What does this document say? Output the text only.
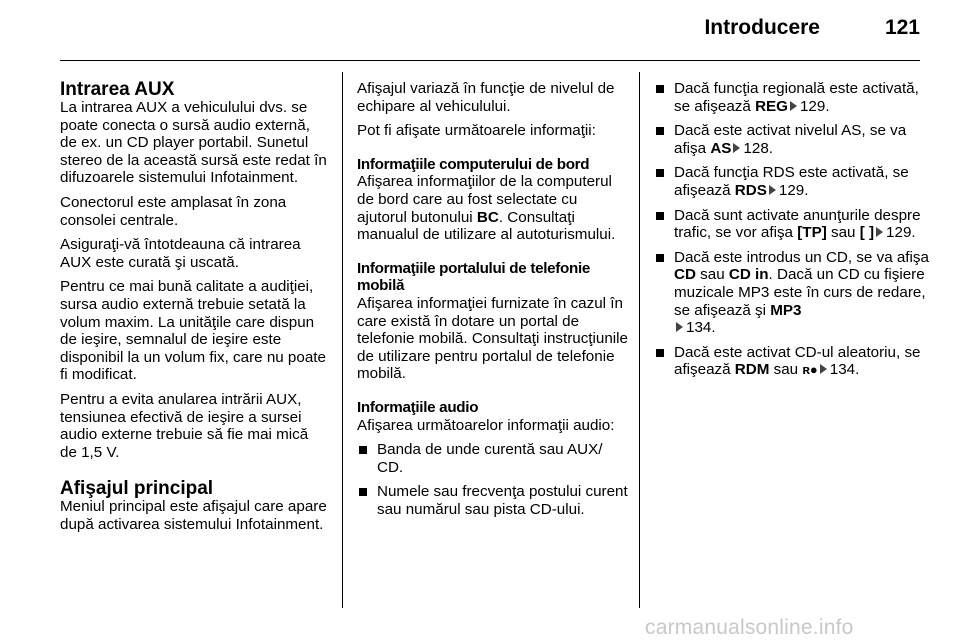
Introducere	121
Intrarea AUX

La intrarea AUX a vehiculului dvs. se poate conecta o sursă audio externă, de ex. un CD player portabil. Sunetul stereo de la această sursă este redat în difuzoarele sistemului Infotainment.

Conectorul este amplasat în zona consolei centrale.

Asiguraţi-vă întotdeauna că intrarea AUX este curată şi uscată.

Pentru ce mai bună calitate a audiţiei, sursa audio externă trebuie setată la volum maxim. La unităţile care dispun de ieşire, semnalul de ieşire este disponibil la un volum fix, care nu poate fi modificat.

Pentru a evita anularea intrării AUX, tensiunea efectivă de ieşire a sursei audio externe trebuie să fie mai mică de 1,5 V.

Afişajul principal

Meniul principal este afişajul care apare după activarea sistemului Infotainment.

Afişajul variază în funcţie de nivelul de echipare al vehiculului.

Pot fi afişate următoarele informaţii:

Informaţiile computerului de bord

Afişarea informaţiilor de la computerul de bord care au fost selectate cu ajutorul butonului BC. Consultaţi manualul de utilizare al autoturismului.

Informaţiile portalului de telefonie mobilă

Afişarea informaţiei furnizate în cazul în care există în dotare un portal de telefonie mobilă. Consultaţi instrucţiunile de utilizare pentru portalul de telefonie mobilă.

Informaţiile audio

Afişarea următoarelor informaţii audio:

Banda de unde curentă sau AUX/ CD.
Numele sau frecvenţa postului curent sau numărul sau pista CD-ului.
Dacă funcţia regională este activată, se afişează REG 129.
Dacă este activat nivelul AS, se va afişa AS 128.
Dacă funcţia RDS este activată, se afişează RDS 129.
Dacă sunt activate anunţurile despre trafic, se vor afişa [TP] sau [ ] 129.
Dacă este introdus un CD, se va afişa CD sau CD in. Dacă un CD cu fişiere muzicale MP3 este în curs de redare, se afişează şi MP3
134.
Dacă este activat CD-ul aleatoriu, se afişează RDM sau ʀ● 134.
carmanualsonline.info
